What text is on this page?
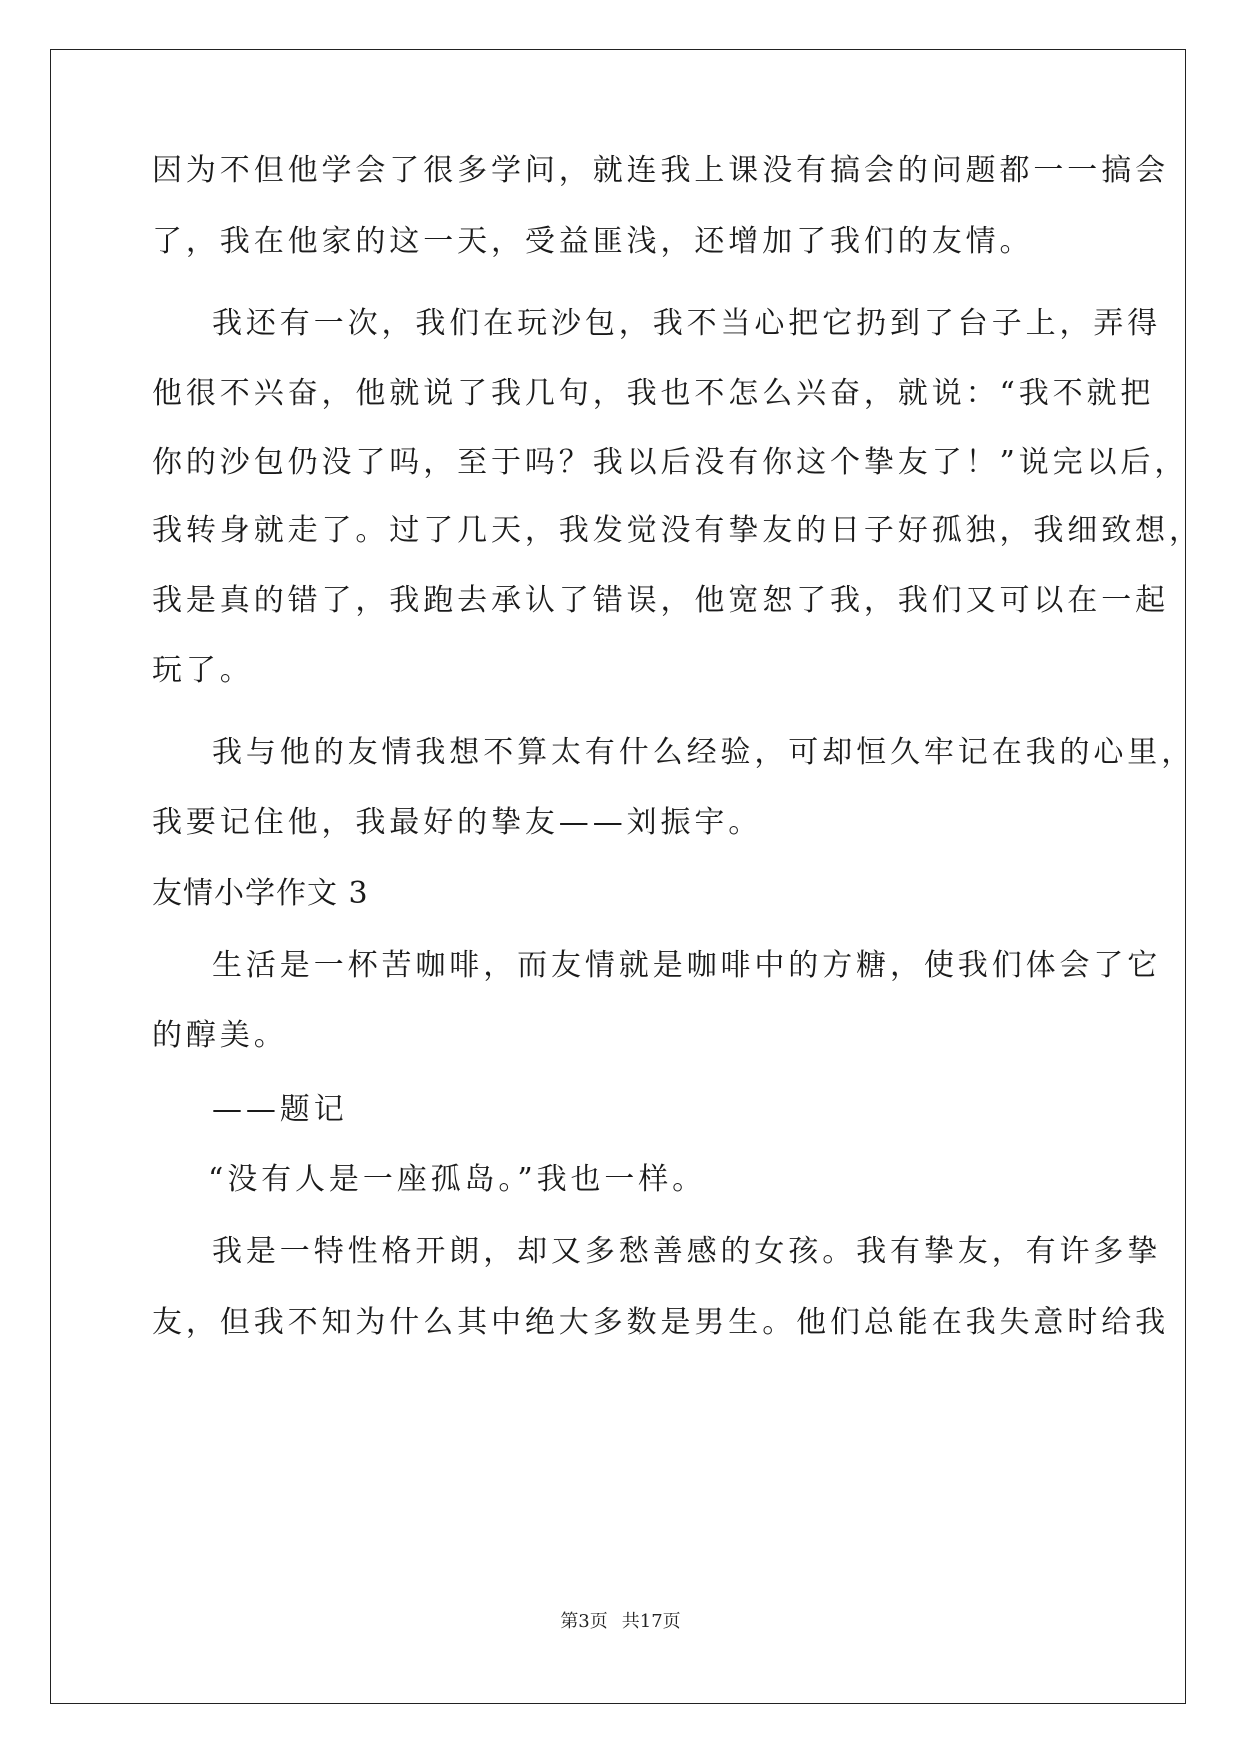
因为不但他学会了很多学问，就连我上课没有搞会的问题都一一搞会
了，我在他家的这一天，受益匪浅，还增加了我们的友情。
我还有一次，我们在玩沙包，我不当心把它扔到了台子上，弄得
他很不兴奋，他就说了我几句，我也不怎么兴奋，就说：“我不就把
你的沙包仍没了吗，至于吗？我以后没有你这个挚友了！”说完以后，
我转身就走了。过了几天，我发觉没有挚友的日子好孤独，我细致想，
我是真的错了，我跑去承认了错误，他宽恕了我，我们又可以在一起
玩了。
我与他的友情我想不算太有什么经验，可却恒久牢记在我的心里，
我要记住他，我最好的挚友——刘振宇。
友情小学作文 3
生活是一杯苦咖啡，而友情就是咖啡中的方糖，使我们体会了它
的醇美。
——题记
“没有人是一座孤岛。”我也一样。
我是一特性格开朗，却又多愁善感的女孩。我有挚友，有许多挚
友，但我不知为什么其中绝大多数是男生。他们总能在我失意时给我
第3页 共17页
